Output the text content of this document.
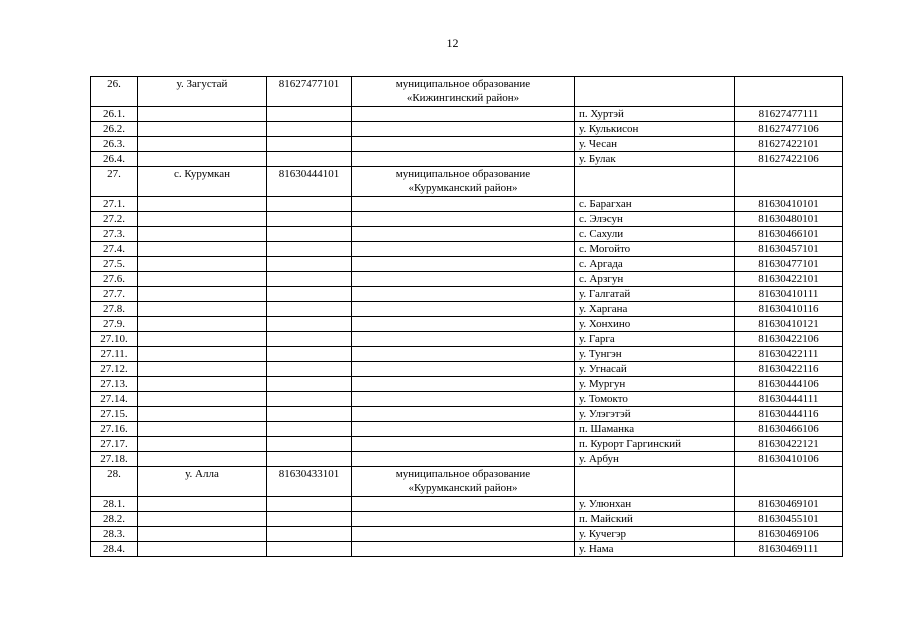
12
26.	у. Загустай	81627477101	муниципальное образование
«Кижингинский район»		

26.1.				п. Хуртэй	81627477111
26.2.				у. Кулькисон	81627477106
26.3.				у. Чесан	81627422101
26.4.				у. Булак	81627422106
27.	с. Курумкан	81630444101	муниципальное образование
«Курумканский район»		

27.1.				с. Барагхан	81630410101
27.2.				с. Элэсун	81630480101
27.3.				с. Сахули	81630466101
27.4.				с. Могойто	81630457101
27.5.				с. Аргада	81630477101
27.6.				с. Арзгун	81630422101
27.7.				у. Галгатай	81630410111
27.8.				у. Харгана	81630410116
27.9.				у. Хонхино	81630410121
27.10.				у. Гарга	81630422106
27.11.				у. Тунгэн	81630422111
27.12.				у. Угнасай	81630422116
27.13.				у. Мургун	81630444106
27.14.				у. Томокто	81630444111
27.15.				у. Улэгэтэй	81630444116
27.16.				п. Шаманка	81630466106
27.17.				п. Курорт Гаргинский	81630422121
27.18.				у. Арбун	81630410106
28.	у. Алла	81630433101	муниципальное образование
«Курумканский район»		

28.1.				у. Улюнхан	81630469101
28.2.				п. Майский	81630455101
28.3.				у. Кучегэр	81630469106
28.4.				у. Нама	81630469111
